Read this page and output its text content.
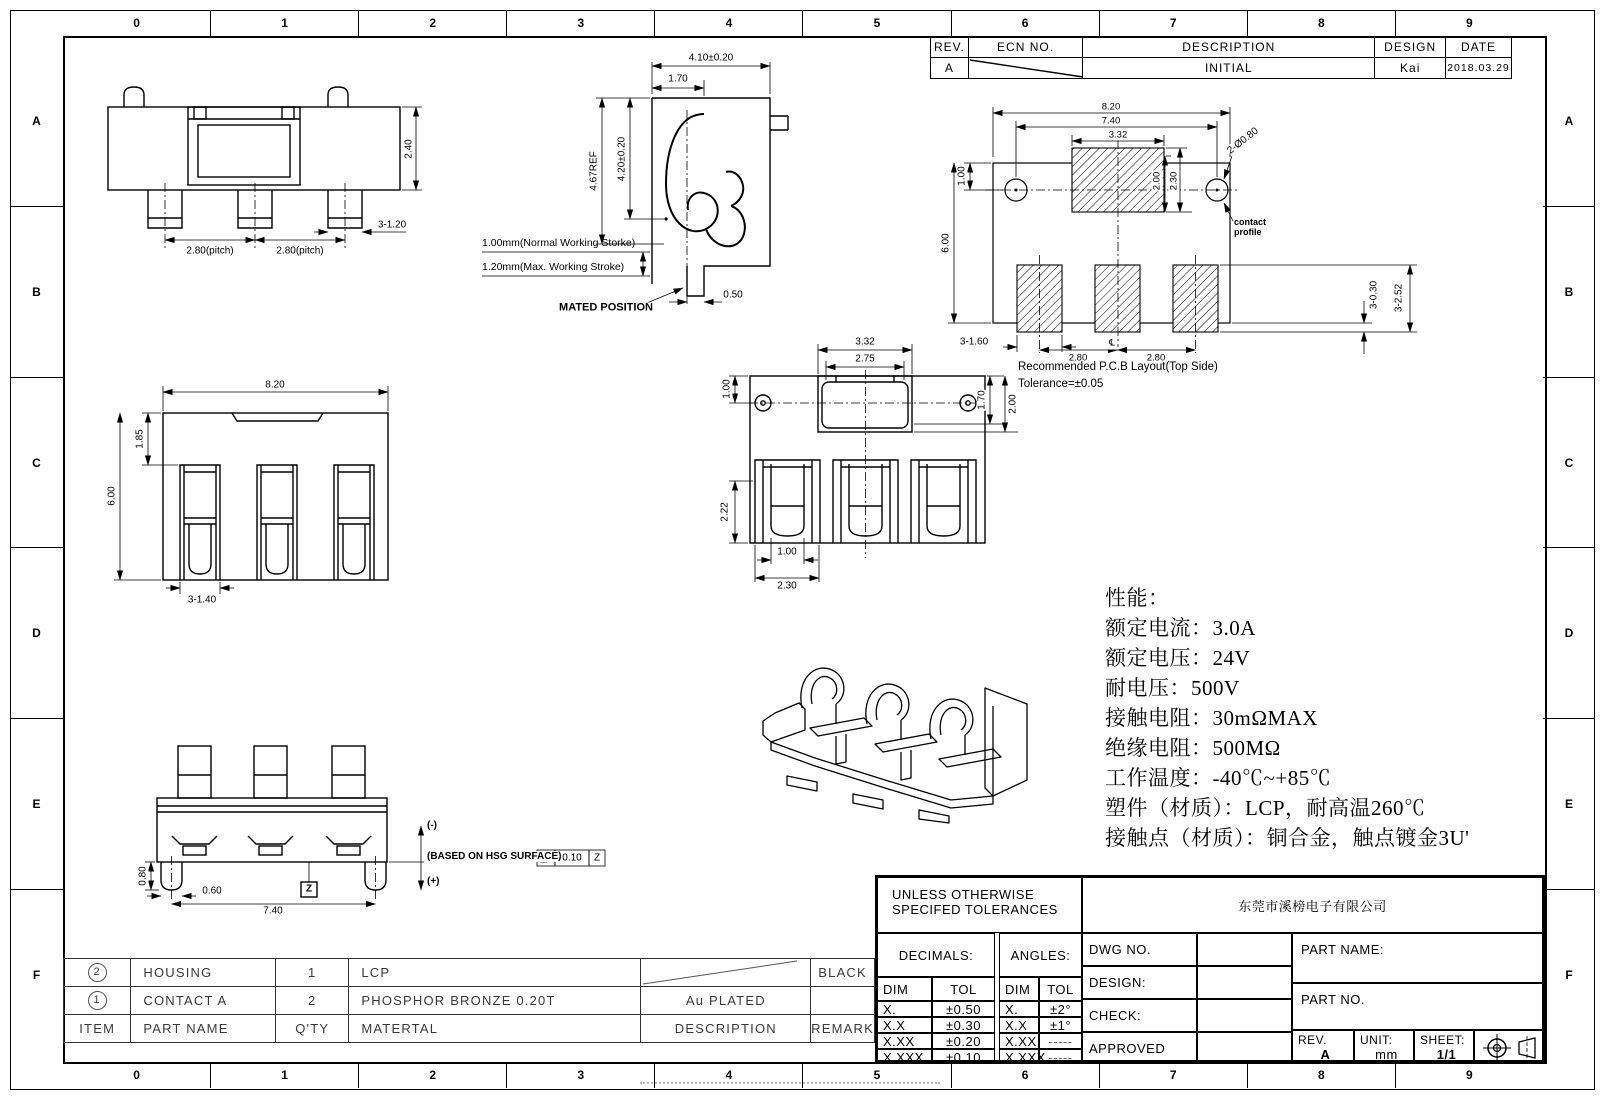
0	1	2	3	4	5	6	7	8	9
0	1	2	3	4	5	6	7	8	9
A
B
C
D
E
F
A
B
C
D
E
F
REV.	ECN NO.	DESCRIPTION	DESIGN	DATE
A		INITIAL	Kai	2018.03.29
2.40
2.80(pitch)	2.80(pitch)
3-1.20
4.10±0.20
1.70
4.67REF 4.20±0.20
1.00mm(Normal Working Storke)
1.20mm(Max. Working Stroke)
0.50
MATED POSITION
8.20
7.40
3.32
1.00
6.00
2.00 2.30
2-Ø0.80
contact
profile
3-1.60
2.80	2.80
℄
3-0.30 3-2.52
Recommended P.C.B Layout(Top Side)
Tolerance=±0.05
8.20
1.85
6.00
3-1.40
3.32
2.75
1.00
2.22
1.70 2.00
1.00
2.30
0.80
0.60
7.40
(-)
(BASED ON HSG SURFACE)
(+)
Z
0.10 Z
性能：
额定电流：3.0A
额定电压：24V
耐电压：500V
接触电阻：30mΩMAX
绝缘电阻：500MΩ
工作温度：-40℃~+85℃
塑件（材质）：LCP，耐高温260℃
接触点（材质）：铜合金，触点镀金3U'
2	HOUSING	1	LCP		BLACK
1	CONTACT A	2	PHOSPHOR BRONZE 0.20T	Au PLATED	
ITEM	PART NAME	Q'TY	MATERTAL	DESCRIPTION	REMARK
UNLESS OTHERWISE
SPECIFED TOLERANCES	东莞市溪榜电子有限公司
DECIMALS:	ANGLES:
DIM	TOL	DIM	TOL
X.	±0.50
X.X	±0.30
X.XX	±0.20
X.XXX	±0.10
X.	±2°
X.X	±1°
X.XX -----
X.XXX -----
DWG NO.
DESIGN:
CHECK:
APPROVED
PART NAME:
PART NO.
REV.
A
UNIT:
mm
SHEET:
1/1
